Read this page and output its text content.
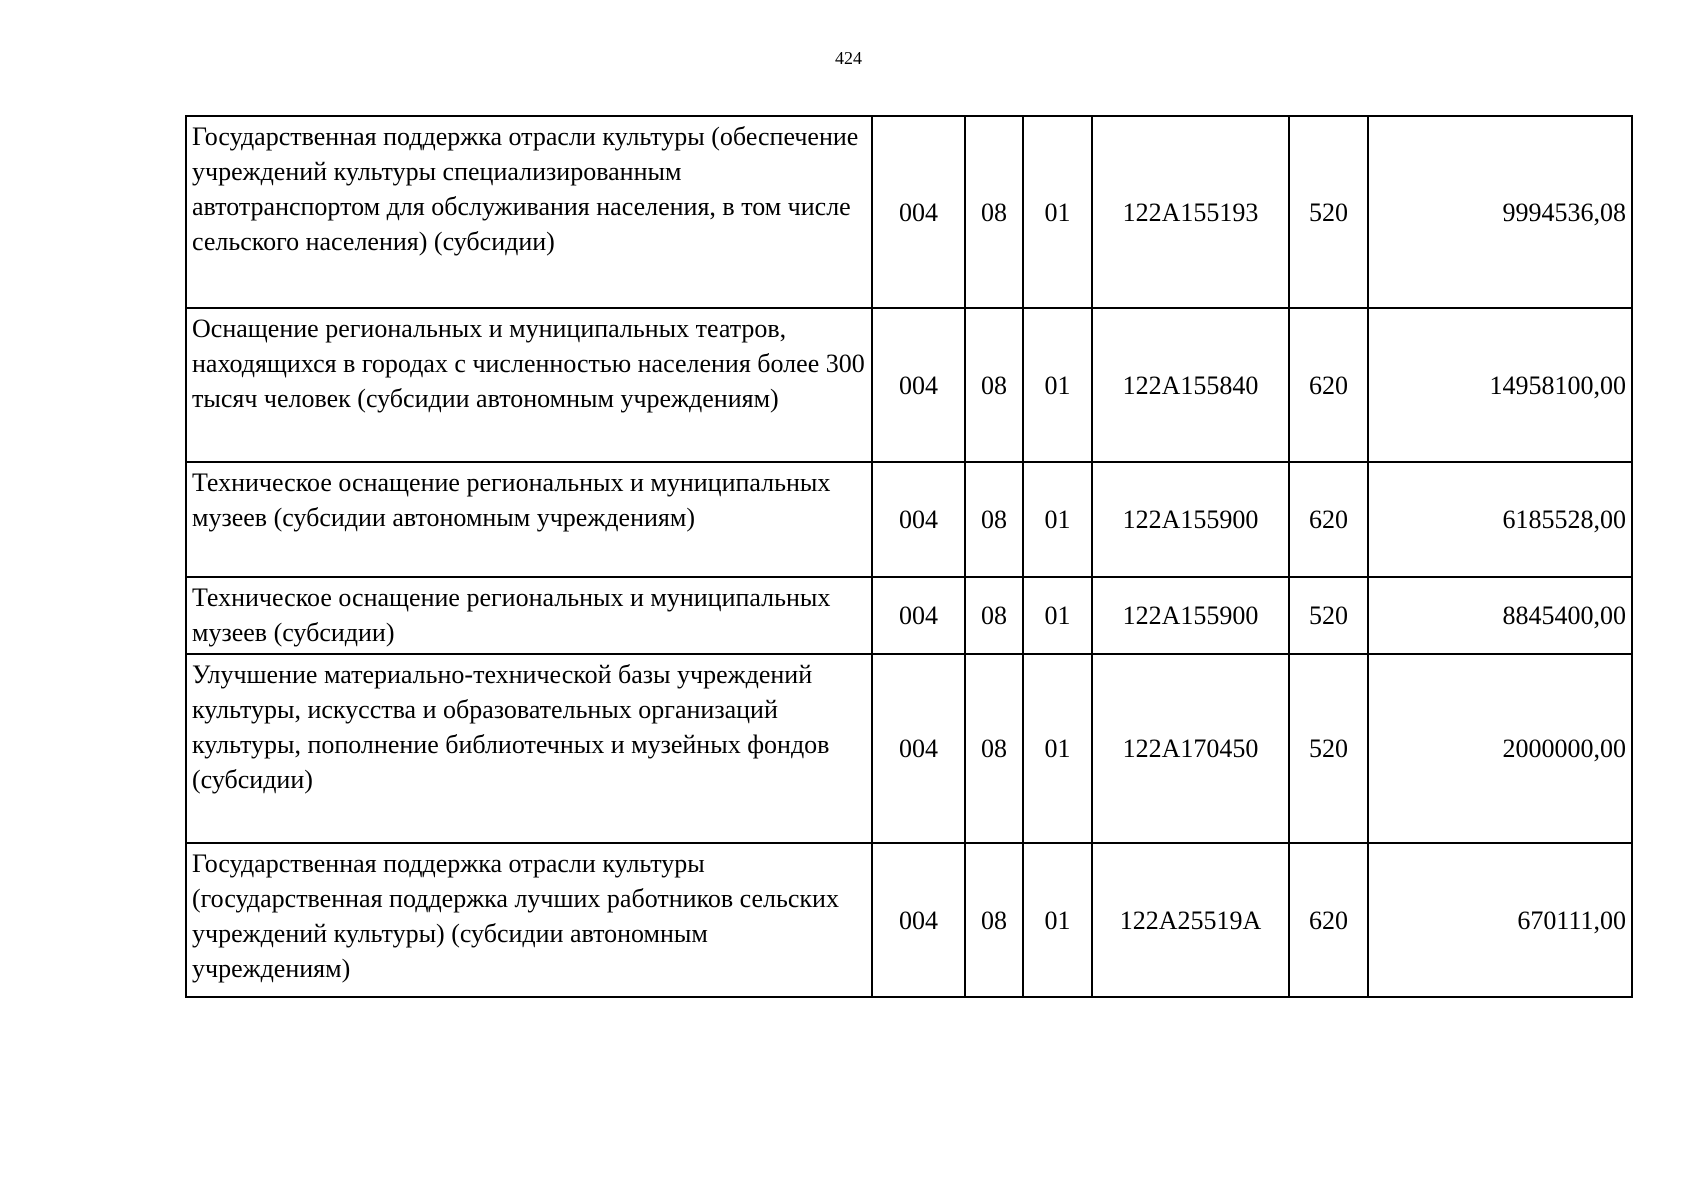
424
Государственная поддержка отрасли культуры (обеспечение учреждений культуры специализированным автотранспортом для обслуживания населения, в том числе сельского населения) (субсидии)	004	08	01	122А155193	520	9994536,08
Оснащение региональных и муниципальных театров, находящихся в городах с численностью населения более 300 тысяч человек (субсидии автономным учреждениям)	004	08	01	122А155840	620	14958100,00
Техническое оснащение региональных и муниципальных музеев (субсидии автономным учреждениям)	004	08	01	122А155900	620	6185528,00
Техническое оснащение региональных и муниципальных музеев (субсидии)	004	08	01	122А155900	520	8845400,00
Улучшение материально-технической базы учреждений культуры, искусства и образовательных организаций культуры, пополнение библиотечных и музейных фондов (субсидии)	004	08	01	122А170450	520	2000000,00
Государственная поддержка отрасли культуры (государственная поддержка лучших работников сельских учреждений культуры) (субсидии автономным учреждениям)	004	08	01	122А25519А	620	670111,00
